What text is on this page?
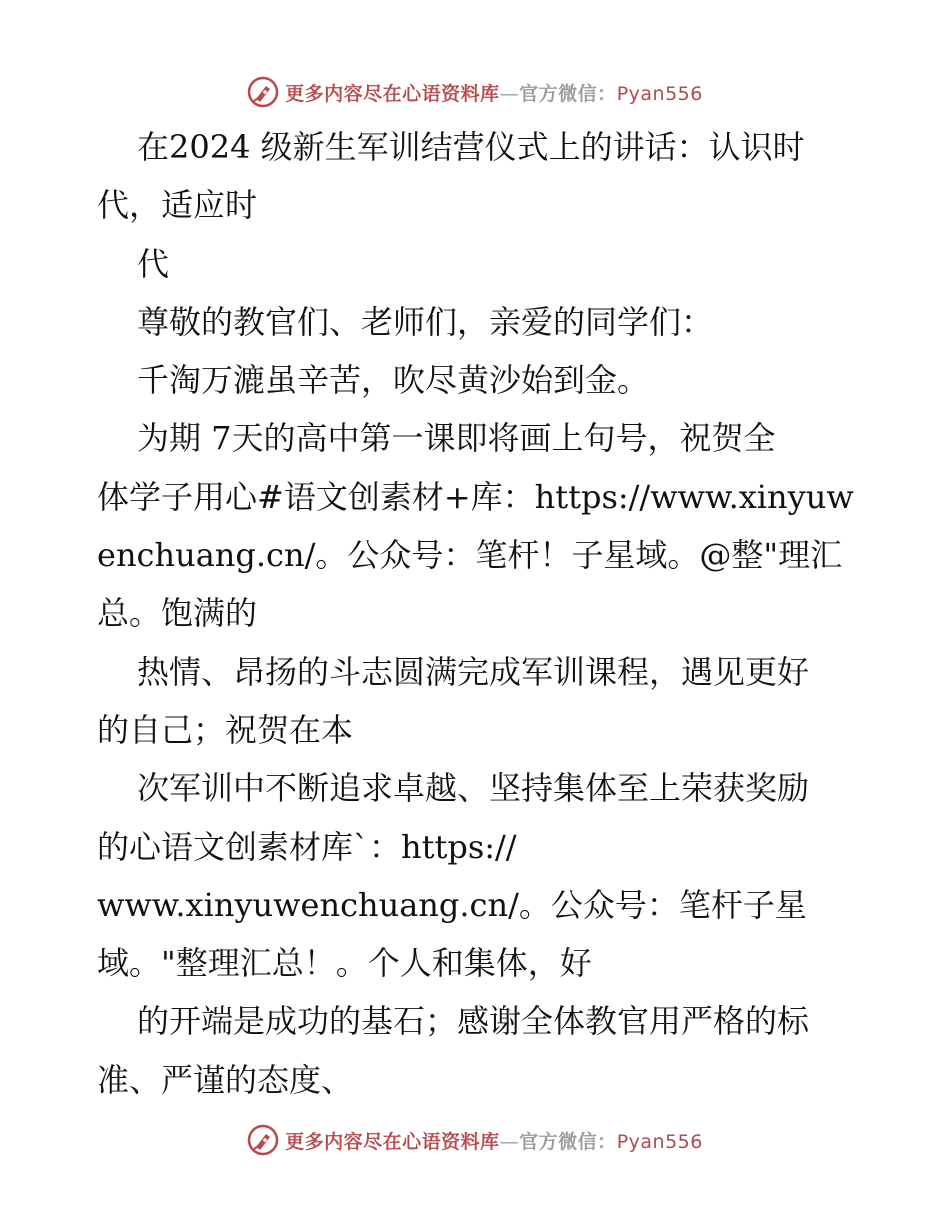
更多内容尽在心语资料库—官方微信：Pyan556
在2024 级新生军训结营仪式上的讲话：认识时
代，适应时
代
尊敬的教官们、老师们，亲爱的同学们：
千淘万漉虽辛苦，吹尽黄沙始到金。
为期 7天的高中第一课即将画上句号，祝贺全
体学子用心#语文创素材+库：https://www.xinyuw
enchuang.cn/。公众号：笔杆！子星域。@整"理汇
总。饱满的
热情、昂扬的斗志圆满完成军训课程，遇见更好
的自己；祝贺在本
次军训中不断追求卓越、坚持集体至上荣获奖励
的心语文创素材库`：https://
www.xinyuwenchuang.cn/。公众号：笔杆子星
域。"整理汇总！。个人和集体，好
的开端是成功的基石；感谢全体教官用严格的标
准、严谨的态度、
更多内容尽在心语资料库—官方微信：Pyan556
